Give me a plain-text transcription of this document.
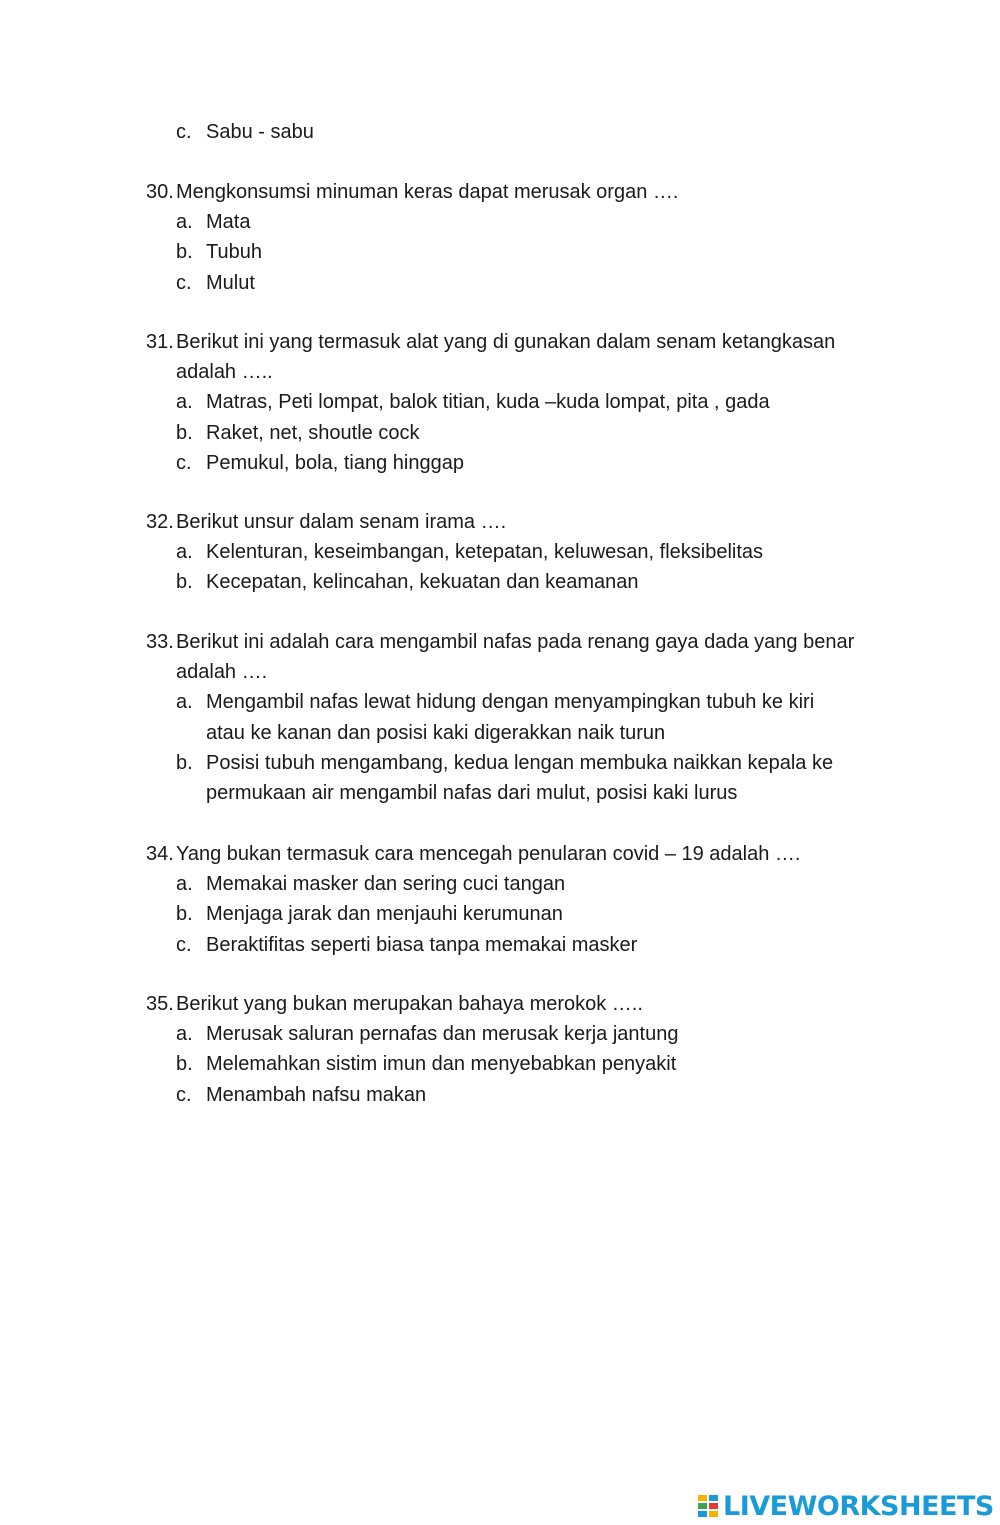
c. Sabu - sabu
30. Mengkonsumsi minuman keras dapat merusak organ ….
a. Mata
b. Tubuh
c. Mulut
31. Berikut ini yang termasuk alat yang di gunakan dalam senam ketangkasan
adalah …..
a. Matras, Peti lompat, balok titian, kuda –kuda lompat, pita , gada
b. Raket, net, shoutle cock
c. Pemukul, bola, tiang hinggap
32. Berikut unsur dalam senam irama ….
a. Kelenturan, keseimbangan, ketepatan, keluwesan, fleksibelitas
b. Kecepatan, kelincahan, kekuatan dan keamanan
33. Berikut ini adalah cara mengambil nafas pada renang gaya dada yang benar
adalah ….
a. Mengambil nafas lewat hidung dengan menyampingkan tubuh ke kiri
atau ke kanan dan posisi kaki digerakkan naik turun
b. Posisi tubuh mengambang, kedua lengan membuka naikkan kepala ke
permukaan air mengambil nafas dari mulut, posisi kaki lurus
34. Yang bukan termasuk cara mencegah penularan covid – 19 adalah ….
a. Memakai masker dan sering cuci tangan
b. Menjaga jarak dan menjauhi kerumunan
c. Beraktifitas seperti biasa tanpa memakai masker
35. Berikut yang bukan merupakan bahaya merokok …..
a. Merusak saluran pernafas dan merusak kerja jantung
b. Melemahkan sistim imun dan menyebabkan penyakit
c. Menambah nafsu makan
LIVEWORKSHEETS
